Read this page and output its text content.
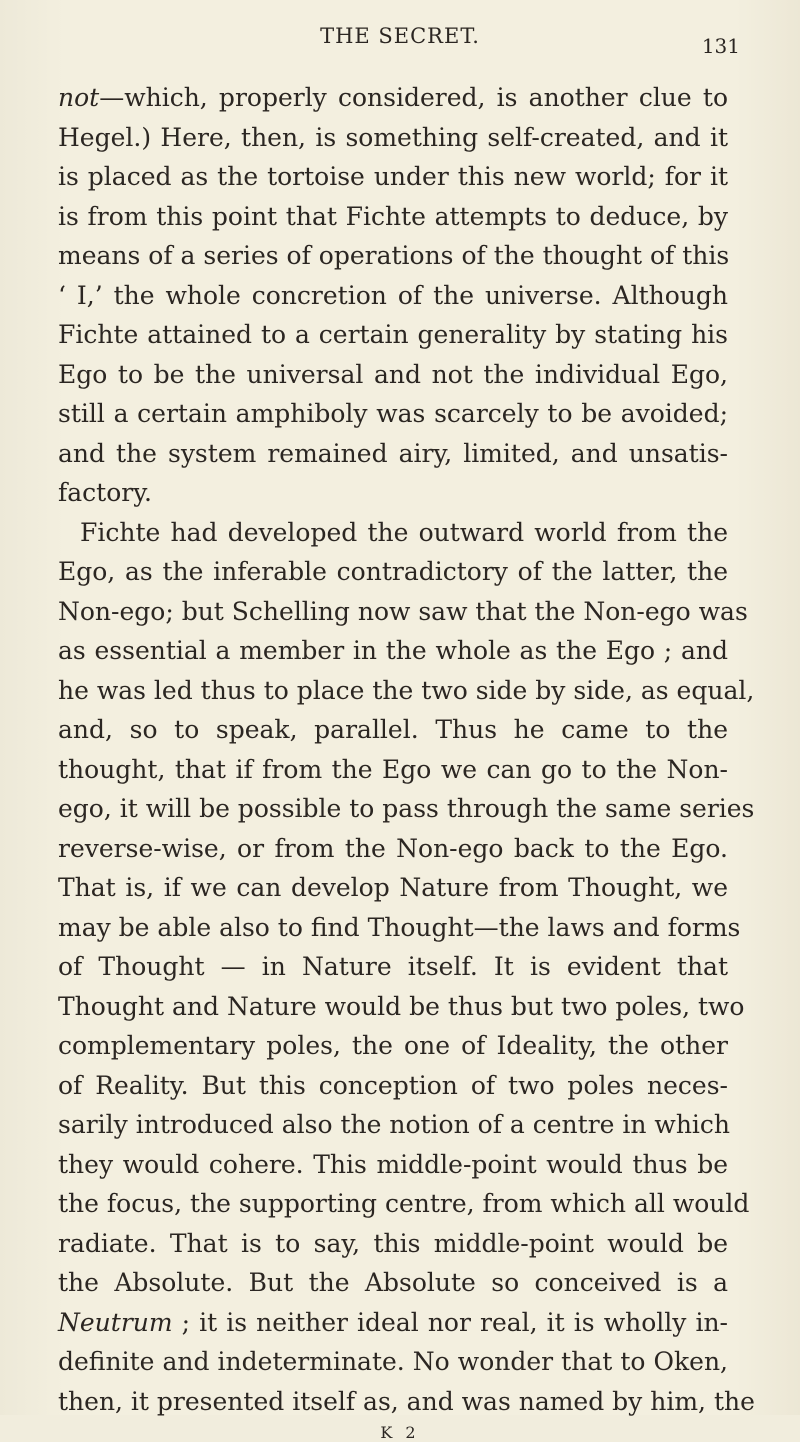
THE SECRET.	131
not—which, properly considered, is another clue to
Hegel.) Here, then, is something self-created, and it
is placed as the tortoise under this new world; for it
is from this point that Fichte attempts to deduce, by
means of a series of operations of the thought of this
‘ I,’ the whole concretion of the universe. Although
Fichte attained to a certain generality by stating his
Ego to be the universal and not the individual Ego,
still a certain amphiboly was scarcely to be avoided;
and the system remained airy, limited, and unsatis-
factory.
Fichte had developed the outward world from the
Ego, as the inferable contradictory of the latter, the
Non-ego; but Schelling now saw that the Non-ego was
as essential a member in the whole as the Ego ; and
he was led thus to place the two side by side, as equal,
and, so to speak, parallel. Thus he came to the
thought, that if from the Ego we can go to the Non-
ego, it will be possible to pass through the same series
reverse-wise, or from the Non-ego back to the Ego.
That is, if we can develop Nature from Thought, we
may be able also to find Thought—the laws and forms
of Thought — in Nature itself. It is evident that
Thought and Nature would be thus but two poles, two
complementary poles, the one of Ideality, the other
of Reality. But this conception of two poles neces-
sarily introduced also the notion of a centre in which
they would cohere. This middle-point would thus be
the focus, the supporting centre, from which all would
radiate. That is to say, this middle-point would be
the Absolute. But the Absolute so conceived is a
Neutrum ; it is neither ideal nor real, it is wholly in-
definite and indeterminate. No wonder that to Oken,
then, it presented itself as, and was named by him, the
K 2
